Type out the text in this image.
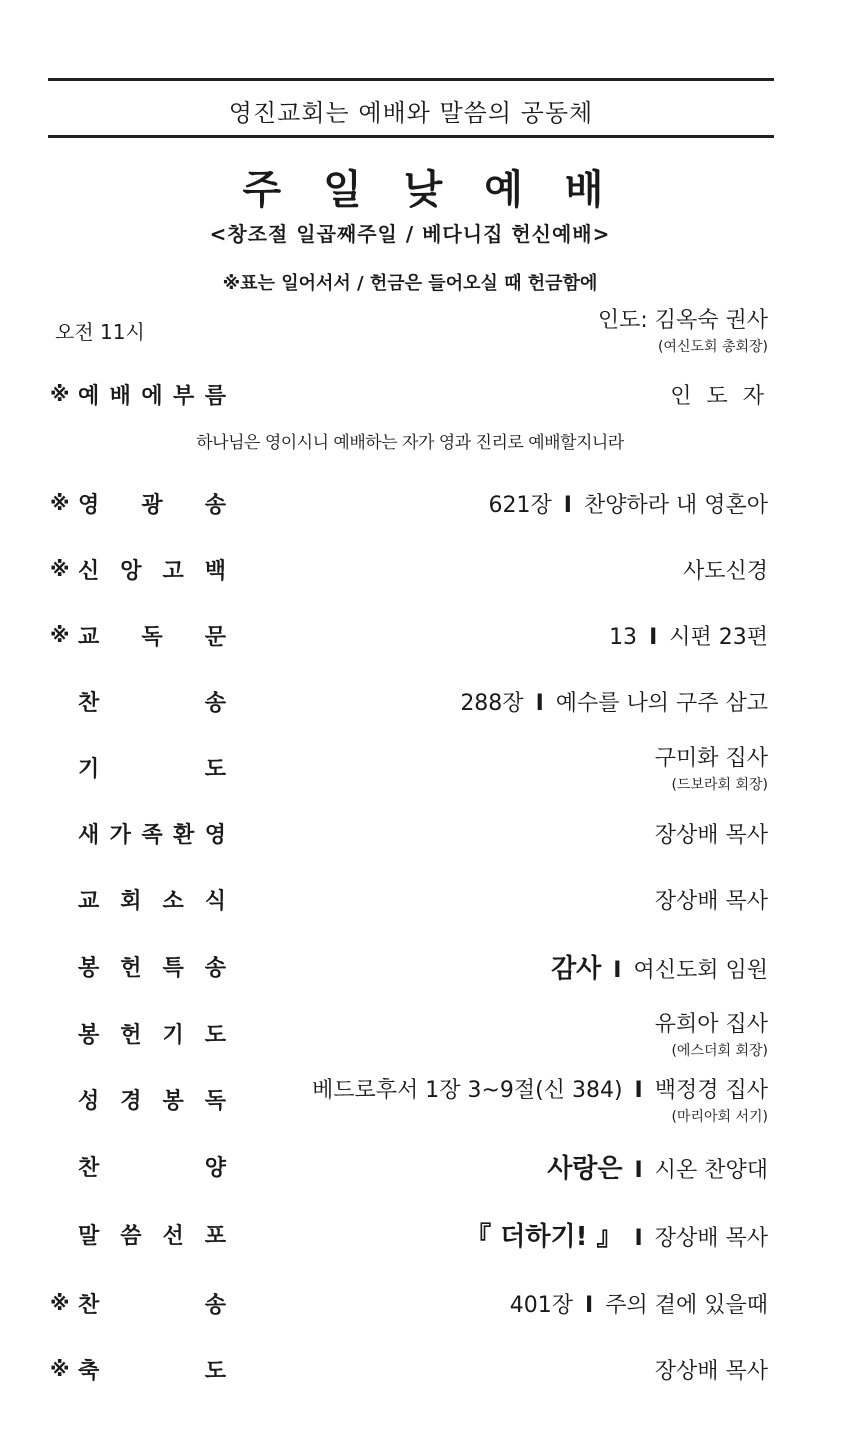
영진교회는 예배와 말씀의 공동체
주 일 낮 예 배
<창조절 일곱째주일 / 베다니집 헌신예배>
※표는 일어서서 / 헌금은 들어오실 때 헌금함에
오전 11시	인도: 김옥숙 권사
(여신도회 총회장)
※ 예 배 에 부 름	인 도 자
하나님은 영이시니 예배하는 자가 영과 진리로 예배할지니라
※ 영 광 송	621장 I 찬양하라 내 영혼아
※ 신 앙 고 백	사도신경
※ 교 독 문	13 I 시편 23편
찬	송	288장 I 예수를 나의 구주 삼고
기	도	구미화 집사
(드보라회 회장)
새 가 족 환 영	장상배 목사
교 회 소 식	장상배 목사
봉 헌 특 송	감사 I 여신도회 임원
봉 헌 기 도	유희아 집사
(에스더회 회장)
성 경 봉 독	베드로후서 1장 3~9절(신 384) I 백정경 집사
(마리아회 서기)
찬	양	사랑은 I 시온 찬양대
말 씀 선 포	『 더하기! 』 I 장상배 목사
※ 찬	송	401장 I 주의 곁에 있을때
※ 축	도	장상배 목사
